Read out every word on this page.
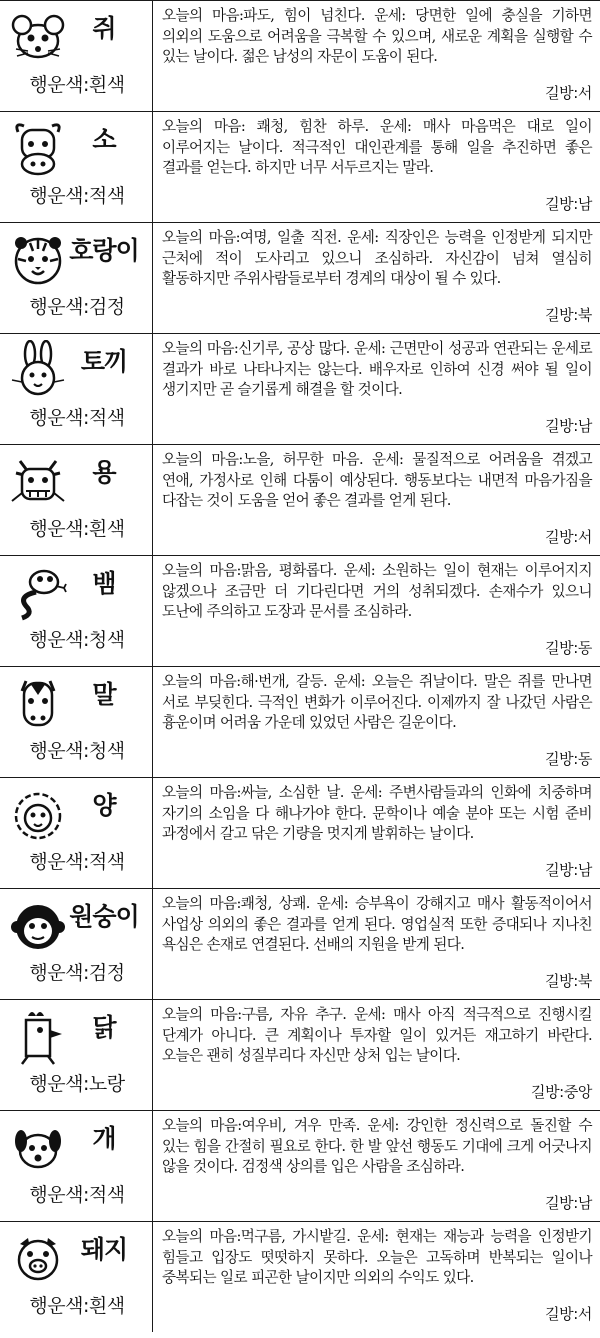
쥐
행운색:흰색
오늘의 마음:파도, 힘이 넘친다. 운세: 당면한 일에 충실을 기하면 의외의 도움으로 어려움을 극복할 수 있으며, 새로운 계획을 실행할 수 있는 날이다. 젊은 남성의 자문이 도움이 된다.
길방:서
소
행운색:적색
오늘의 마음: 쾌청, 힘찬 하루. 운세: 매사 마음먹은 대로 일이 이루어지는 날이다. 적극적인 대인관계를 통해 일을 추진하면 좋은 결과를 얻는다. 하지만 너무 서두르지는 말라.
길방:남
호랑이
행운색:검정
오늘의 마음:여명, 일출 직전. 운세: 직장인은 능력을 인정받게 되지만 근처에 적이 도사리고 있으니 조심하라. 자신감이 넘쳐 열심히 활동하지만 주위사람들로부터 경계의 대상이 될 수 있다.
길방:북
토끼
행운색:적색
오늘의 마음:신기루, 공상 많다. 운세: 근면만이 성공과 연관되는 운세로 결과가 바로 나타나지는 않는다. 배우자로 인하여 신경 써야 될 일이 생기지만 곧 슬기롭게 해결을 할 것이다.
길방:남
용
행운색:흰색
오늘의 마음:노을, 허무한 마음. 운세: 물질적으로 어려움을 겪겠고 연애, 가정사로 인해 다툼이 예상된다. 행동보다는 내면적 마음가짐을 다잡는 것이 도움을 얻어 좋은 결과를 얻게 된다.
길방:서
뱀
행운색:청색
오늘의 마음:맑음, 평화롭다. 운세: 소원하는 일이 현재는 이루어지지 않겠으나 조금만 더 기다린다면 거의 성취되겠다. 손재수가 있으니 도난에 주의하고 도장과 문서를 조심하라.
길방:동
말
행운색:청색
오늘의 마음:해·번개, 갈등. 운세: 오늘은 쥐날이다. 말은 쥐를 만나면 서로 부딪힌다. 극적인 변화가 이루어진다. 이제까지 잘 나갔던 사람은 흉운이며 어려움 가운데 있었던 사람은 길운이다.
길방:동
양
행운색:적색
오늘의 마음:싸늘, 소심한 날. 운세: 주변사람들과의 인화에 치중하며 자기의 소임을 다 해나가야 한다. 문학이나 예술 분야 또는 시험 준비 과정에서 갈고 닦은 기량을 멋지게 발휘하는 날이다.
길방:남
원숭이
행운색:검정
오늘의 마음:쾌청, 상쾌. 운세: 승부욕이 강해지고 매사 활동적이어서 사업상 의외의 좋은 결과를 얻게 된다. 영업실적 또한 증대되나 지나친 욕심은 손재로 연결된다. 선배의 지원을 받게 된다.
길방:북
닭
행운색:노랑
오늘의 마음:구름, 자유 추구. 운세: 매사 아직 적극적으로 진행시킬 단계가 아니다. 큰 계획이나 투자할 일이 있거든 재고하기 바란다. 오늘은 괜히 성질부리다 자신만 상처 입는 날이다.
길방:중앙
개
행운색:적색
오늘의 마음:여우비, 겨우 만족. 운세: 강인한 정신력으로 돌진할 수 있는 힘을 간절히 필요로 한다. 한 발 앞선 행동도 기대에 크게 어긋나지 않을 것이다. 검정색 상의를 입은 사람을 조심하라.
길방:남
돼지
행운색:흰색
오늘의 마음:먹구름, 가시밭길. 운세: 현재는 재능과 능력을 인정받기 힘들고 입장도 떳떳하지 못하다. 오늘은 고독하며 반복되는 일이나 중복되는 일로 피곤한 날이지만 의외의 수익도 있다.
길방:서
